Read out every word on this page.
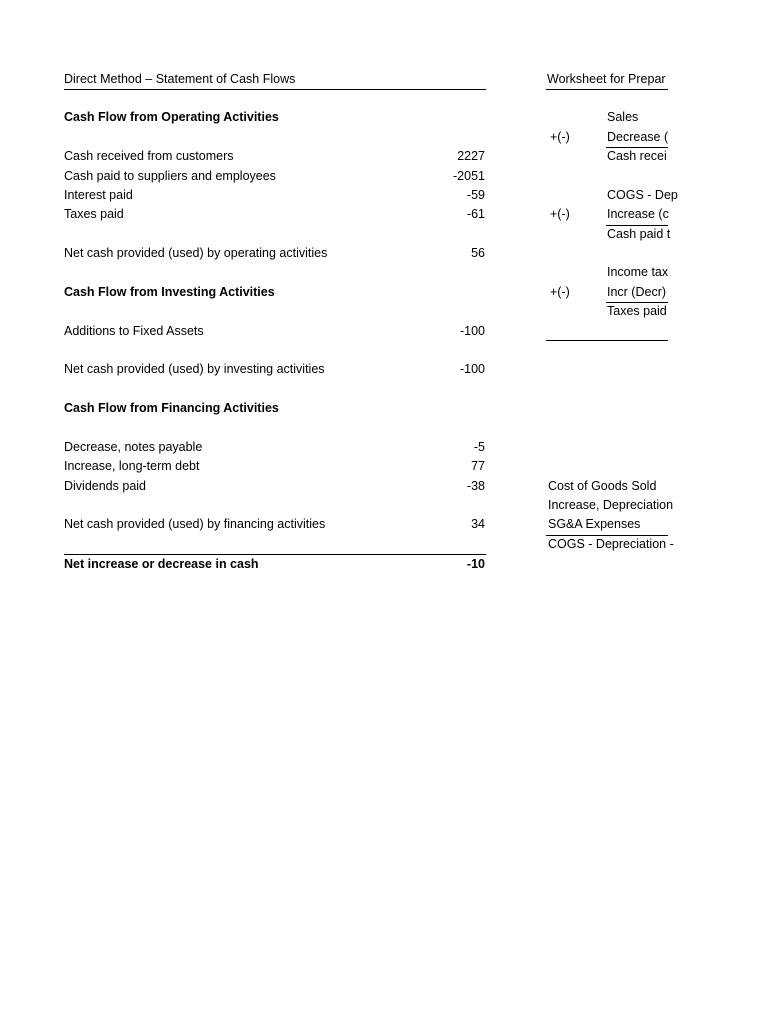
Direct Method – Statement of Cash Flows
Cash Flow from Operating Activities
Cash received from customers	2227
Cash paid to suppliers and employees	-2051
Interest paid	-59
Taxes paid	-61
Net cash provided (used) by operating activities	56
Cash Flow from Investing Activities
Additions to Fixed Assets	-100
Net cash provided (used) by investing activities	-100
Cash Flow from Financing Activities
Decrease, notes payable	-5
Increase, long-term debt	77
Dividends paid	-38
Net cash provided (used) by financing activities	34
Net increase or decrease in cash	-10
Worksheet for Prepar
Sales
+(-)	Decrease (
Cash recei
COGS - Dep
+(-)	Increase (c
Cash paid t
Income tax
+(-)	Incr (Decr)
Taxes paid
Cost of Goods Sold
Increase, Depreciation
SG&A Expenses
COGS - Depreciation -
